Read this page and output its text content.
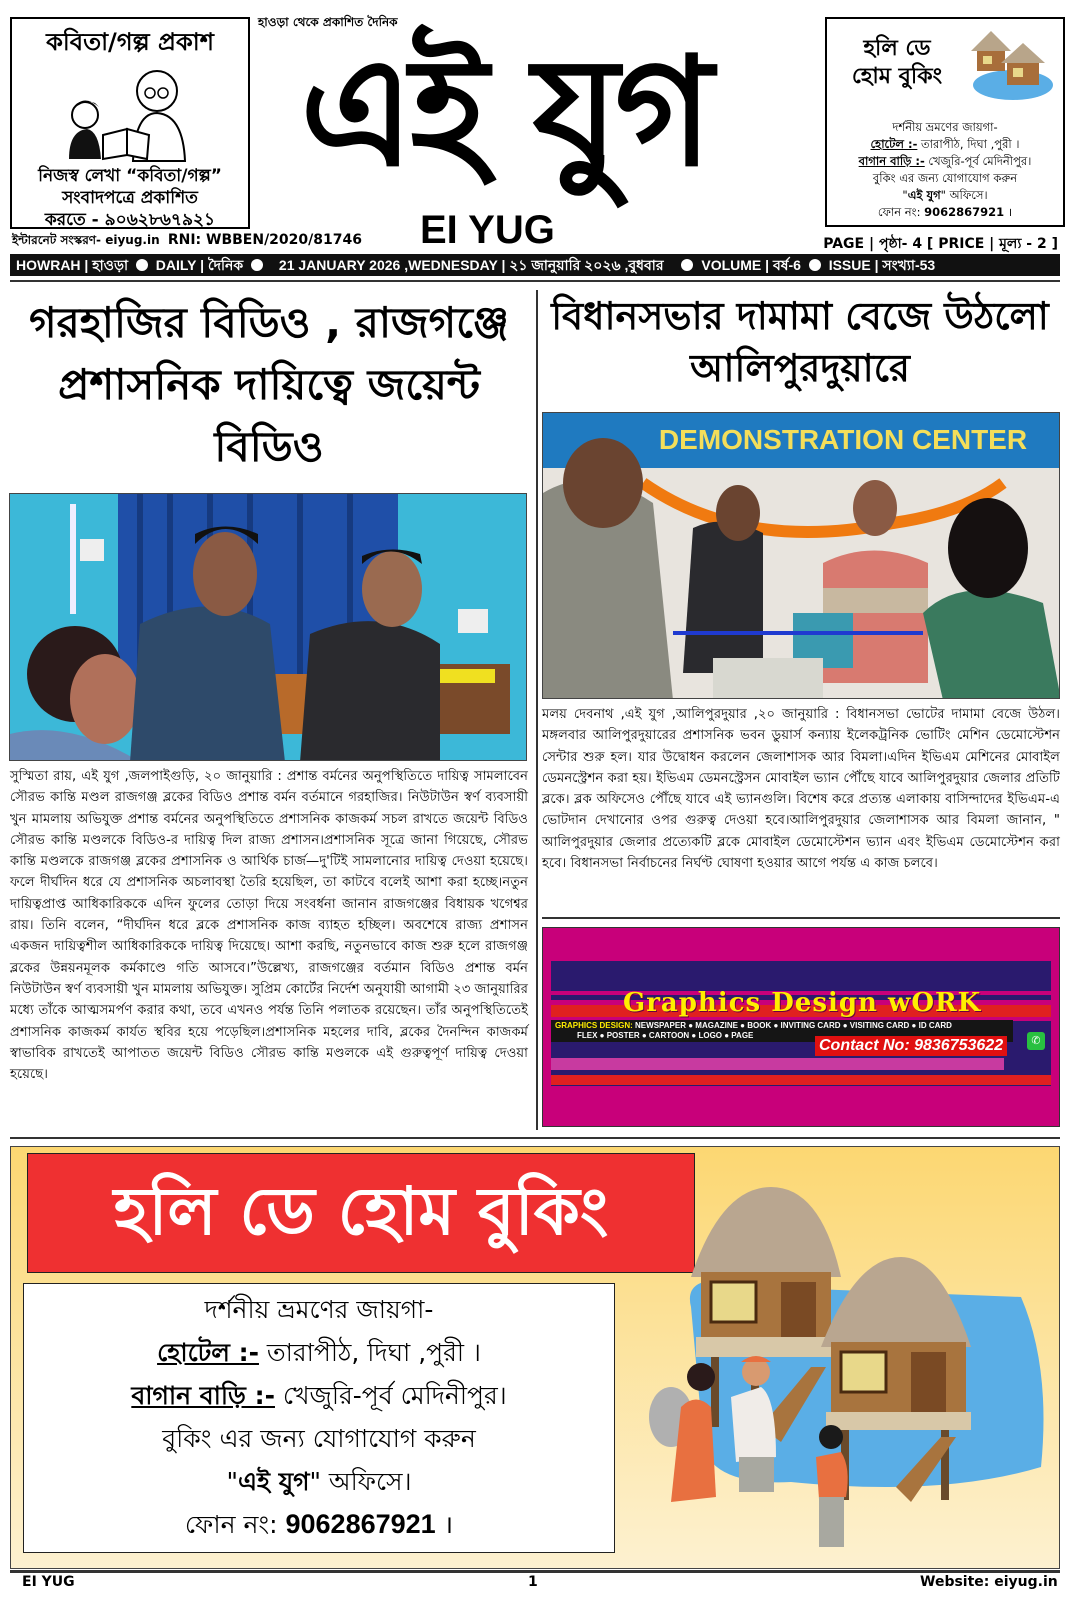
কবিতা/গল্প প্রকাশ
নিজস্ব লেখা “কবিতা/গল্প”
সংবাদপত্রে প্রকাশিত
করতে - ৯০৬২৮৬৭৯২১
হাওড়া থেকে প্রকাশিত দৈনিক
এই যুগ
EI YUG
হলি ডে
হোম বুকিং
দর্শনীয় ভ্রমণের জায়গা-
হোটেল :- তারাপীঠ, দিঘা ,পুরী ।
বাগান বাড়ি :- খেজুরি-পূর্ব মেদিনীপুর।
বুকিং এর জন্য যোগাযোগ করুন
"এই যুগ" অফিসে।
ফোন নং: 9062867921 ।
ইন্টারনেট সংস্করণ- eiyug.in RNI: WBBEN/2020/81746	PAGE | পৃষ্ঠা- 4 [ PRICE | মূল্য - 2 ]
HOWRAH | হাওড়া DAILY | দৈনিক	21 JANUARY 2026 ,WEDNESDAY | ২১ জানুয়ারি ২০২৬ ,বুধবার	VOLUME | বর্ষ-6 ISSUE | সংখ্যা-53
গরহাজির বিডিও , রাজগঞ্জে প্রশাসনিক দায়িত্বে জয়েন্ট বিডিও

সুস্মিতা রায়, এই যুগ ,জলপাইগুড়ি, ২০ জানুয়ারি : প্রশান্ত বর্মনের অনুপস্থিতিতে দায়িত্ব সামলাবেন সৌরভ কান্তি মণ্ডল রাজগঞ্জ ব্লকের বিডিও প্রশান্ত বর্মন বর্তমানে গরহাজির। নিউটাউন স্বর্ণ ব্যবসায়ী খুন মামলায় অভিযুক্ত প্রশান্ত বর্মনের অনুপস্থিতিতে প্রশাসনিক কাজকর্ম সচল রাখতে জয়েন্ট বিডিও সৌরভ কান্তি মণ্ডলকে বিডিও-র দায়িত্ব দিল রাজ্য প্রশাসন।প্রশাসনিক সূত্রে জানা গিয়েছে, সৌরভ কান্তি মণ্ডলকে রাজগঞ্জ ব্লকের প্রশাসনিক ও আর্থিক চার্জ—দু'টিই সামলানোর দায়িত্ব দেওয়া হয়েছে। ফলে দীর্ঘদিন ধরে যে প্রশাসনিক অচলাবস্থা তৈরি হয়েছিল, তা কাটবে বলেই আশা করা হচ্ছে।নতুন দায়িত্বপ্রাপ্ত আধিকারিককে এদিন ফুলের তোড়া দিয়ে সংবর্ধনা জানান রাজগঞ্জের বিধায়ক খগেশ্বর রায়। তিনি বলেন, “দীর্ঘদিন ধরে ব্লকে প্রশাসনিক কাজ ব্যাহত হচ্ছিল। অবশেষে রাজ্য প্রশাসন একজন দায়িত্বশীল আধিকারিককে দায়িত্ব দিয়েছে। আশা করছি, নতুনভাবে কাজ শুরু হলে রাজগঞ্জ ব্লকের উন্নয়নমূলক কর্মকাণ্ডে গতি আসবে।”উল্লেখ্য, রাজগঞ্জের বর্তমান বিডিও প্রশান্ত বর্মন নিউটাউন স্বর্ণ ব্যবসায়ী খুন মামলায় অভিযুক্ত। সুপ্রিম কোর্টের নির্দেশ অনুযায়ী আগামী ২৩ জানুয়ারির মধ্যে তাঁকে আত্মসমর্পণ করার কথা, তবে এখনও পর্যন্ত তিনি পলাতক রয়েছেন। তাঁর অনুপস্থিতিতেই প্রশাসনিক কাজকর্ম কার্যত স্থবির হয়ে পড়েছিল।প্রশাসনিক মহলের দাবি, ব্লকের দৈনন্দিন কাজকর্ম স্বাভাবিক রাখতেই আপাতত জয়েন্ট বিডিও সৌরভ কান্তি মণ্ডলকে এই গুরুত্বপূর্ণ দায়িত্ব দেওয়া হয়েছে।

বিধানসভার দামামা বেজে উঠলো আলিপুরদুয়ারে
DEMONSTRATION CENTER

মলয় দেবনাথ ,এই যুগ ,আলিপুরদুয়ার ,২০ জানুয়ারি : বিধানসভা ভোটের দামামা বেজে উঠল।মঙ্গলবার আলিপুরদুয়ারের প্রশাসনিক ভবন ডুয়ার্স কন্যায় ইলেকট্রনিক ভোটিং মেশিন ডেমোস্টেশন সেন্টার শুরু হল। যার উদ্বোধন করলেন জেলাশাসক আর বিমলা।এদিন ইভিএম মেশিনের মোবাইল ডেমনস্ট্রেশন করা হয়। ইভিএম ডেমনস্ট্রেসন মোবাইল ভ্যান পৌঁছে যাবে আলিপুরদুয়ার জেলার প্রতিটি ব্লকে। ব্লক অফিসেও পৌঁছে যাবে এই ভ্যানগুলি। বিশেষ করে প্রত্যন্ত এলাকায় বাসিন্দাদের ইভিএম-এ ভোটদান দেখানোর ওপর গুরুত্ব দেওয়া হবে।আলিপুরদুয়ার জেলাশাসক আর বিমলা জানান, " আলিপুরদুয়ার জেলার প্রত্যেকটি ব্লকে মোবাইল ডেমোস্টেশন ভ্যান এবং ইভিএম ডেমোস্টেশন করা হবে। বিধানসভা নির্বাচনের নির্ঘণ্ট ঘোষণা হওয়ার আগে পর্যন্ত এ কাজ চলবে।

Graphics Design wORK
GRAPHICS DESIGN: NEWSPAPER ● MAGAZINE ● BOOK ● INVITING CARD ● VISITING CARD ● ID CARD
FLEX ● POSTER ● CARTOON ● LOGO ● PAGE
Contact No: 9836753622	✆
হলি ডে হোম বুকিং
দর্শনীয় ভ্রমণের জায়গা-
হোটেল :- তারাপীঠ, দিঘা ,পুরী ।
বাগান বাড়ি :- খেজুরি-পূর্ব মেদিনীপুর।
বুকিং এর জন্য যোগাযোগ করুন
"এই যুগ" অফিসে।
ফোন নং: 9062867921 ।
EI YUG	1	Website: eiyug.in
